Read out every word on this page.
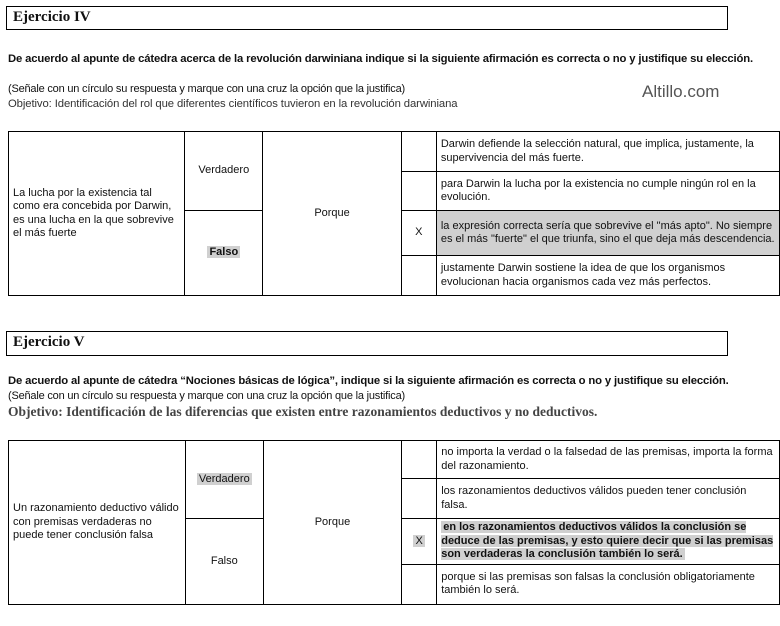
Ejercicio IV
De acuerdo al apunte de cátedra acerca de la revolución darwiniana indique si la siguiente afirmación es correcta o no y justifique su elección.
(Señale con un círculo su respuesta y marque con una cruz la opción que la justifica)
Objetivo: Identificación del rol que diferentes científicos tuvieron en la revolución darwiniana
Altillo.com
La lucha por la existencia tal como era concebida por Darwin, es una lucha en la que sobrevive el más fuerte	Verdadero	Porque		Darwin defiende la selección natural, que implica, justamente, la supervivencia del más fuerte.
				para Darwin la lucha por la existencia no cumple ningún rol en la evolución.
	Falso		X	la expresión correcta sería que sobrevive el "más apto". No siempre es el más "fuerte" el que triunfa, sino el que deja más descendencia.
				justamente Darwin sostiene la idea de que los organismos evolucionan hacia organismos cada vez más perfectos.
Ejercicio V
De acuerdo al apunte de cátedra “Nociones básicas de lógica”, indique si la siguiente afirmación es correcta o no y justifique su elección.
(Señale con un círculo su respuesta y marque con una cruz la opción que la justifica)
Objetivo: Identificación de las diferencias que existen entre razonamientos deductivos y no deductivos.
Un razonamiento deductivo válido con premisas verdaderas no puede tener conclusión falsa	Verdadero	Porque		no importa la verdad o la falsedad de las premisas, importa la forma del razonamiento.
				los razonamientos deductivos válidos pueden tener conclusión falsa.
	Falso		X	en los razonamientos deductivos válidos la conclusión se deduce de las premisas, y esto quiere decir que si las premisas son verdaderas la conclusión también lo será.
				porque si las premisas son falsas la conclusión obligatoriamente también lo será.
